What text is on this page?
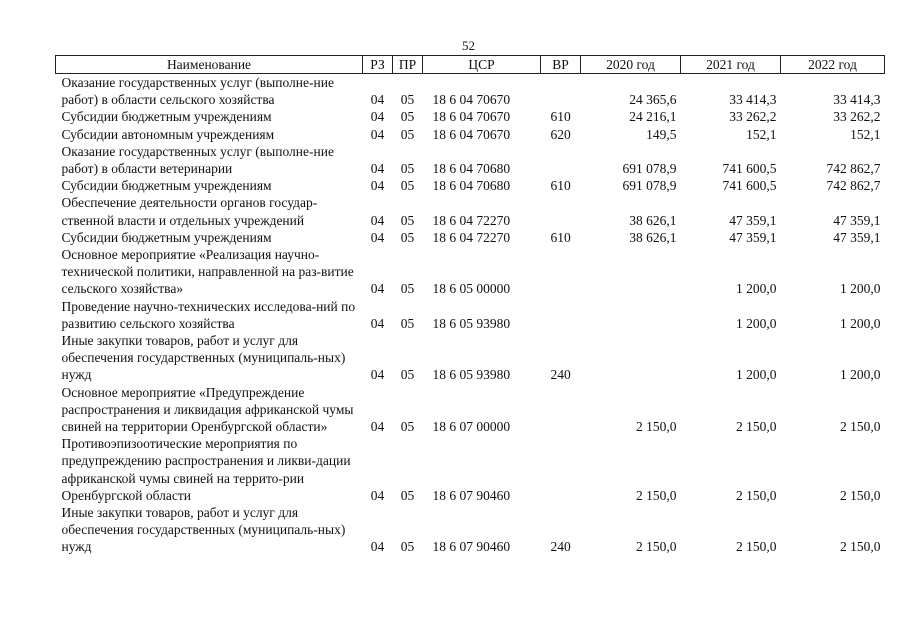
52
Наименование	РЗ	ПР	ЦСР	ВР	2020 год	2021 год	2022 год
Оказание государственных услуг (выполне-ние работ) в области сельского хозяйства	04	05	18 6 04 70670		24 365,6	33 414,3	33 414,3
Субсидии бюджетным учреждениям	04	05	18 6 04 70670	610	24 216,1	33 262,2	33 262,2
Субсидии автономным учреждениям	04	05	18 6 04 70670	620	149,5	152,1	152,1
Оказание государственных услуг (выполне-ние работ) в области ветеринарии	04	05	18 6 04 70680		691 078,9	741 600,5	742 862,7
Субсидии бюджетным учреждениям	04	05	18 6 04 70680	610	691 078,9	741 600,5	742 862,7
Обеспечение деятельности органов государ-ственной власти и отдельных учреждений	04	05	18 6 04 72270		38 626,1	47 359,1	47 359,1
Субсидии бюджетным учреждениям	04	05	18 6 04 72270	610	38 626,1	47 359,1	47 359,1
Основное мероприятие «Реализация научно-технической политики, направленной на раз-витие сельского хозяйства»	04	05	18 6 05 00000			1 200,0	1 200,0
Проведение научно-технических исследова-ний по развитию сельского хозяйства	04	05	18 6 05 93980			1 200,0	1 200,0
Иные закупки товаров, работ и услуг для обеспечения государственных (муниципаль-ных) нужд	04	05	18 6 05 93980	240		1 200,0	1 200,0
Основное мероприятие «Предупреждение распространения и ликвидация африканской чумы свиней на территории Оренбургской области»	04	05	18 6 07 00000		2 150,0	2 150,0	2 150,0
Противоэпизоотические мероприятия по предупреждению распространения и ликви-дации африканской чумы свиней на террито-рии Оренбургской области	04	05	18 6 07 90460		2 150,0	2 150,0	2 150,0
Иные закупки товаров, работ и услуг для обеспечения государственных (муниципаль-ных) нужд	04	05	18 6 07 90460	240	2 150,0	2 150,0	2 150,0
